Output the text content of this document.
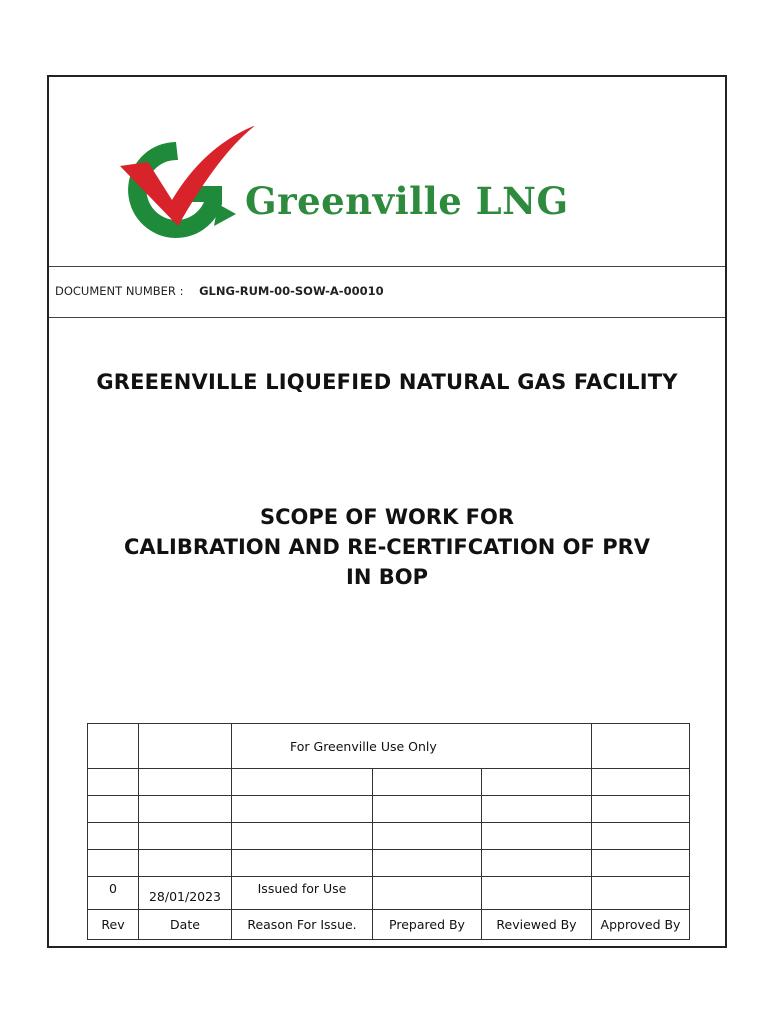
Greenville LNG
DOCUMENT NUMBER : GLNG-RUM-00-SOW-A-00010
GREEENVILLE LIQUEFIED NATURAL GAS FACILITY
SCOPE OF WORK FOR
CALIBRATION AND RE-CERTIFCATION OF PRV
IN BOP
		For Greenville Use Only			

0	28/01/2023	Issued for Use			
Rev	Date	Reason For Issue.	Prepared By	Reviewed By	Approved By
